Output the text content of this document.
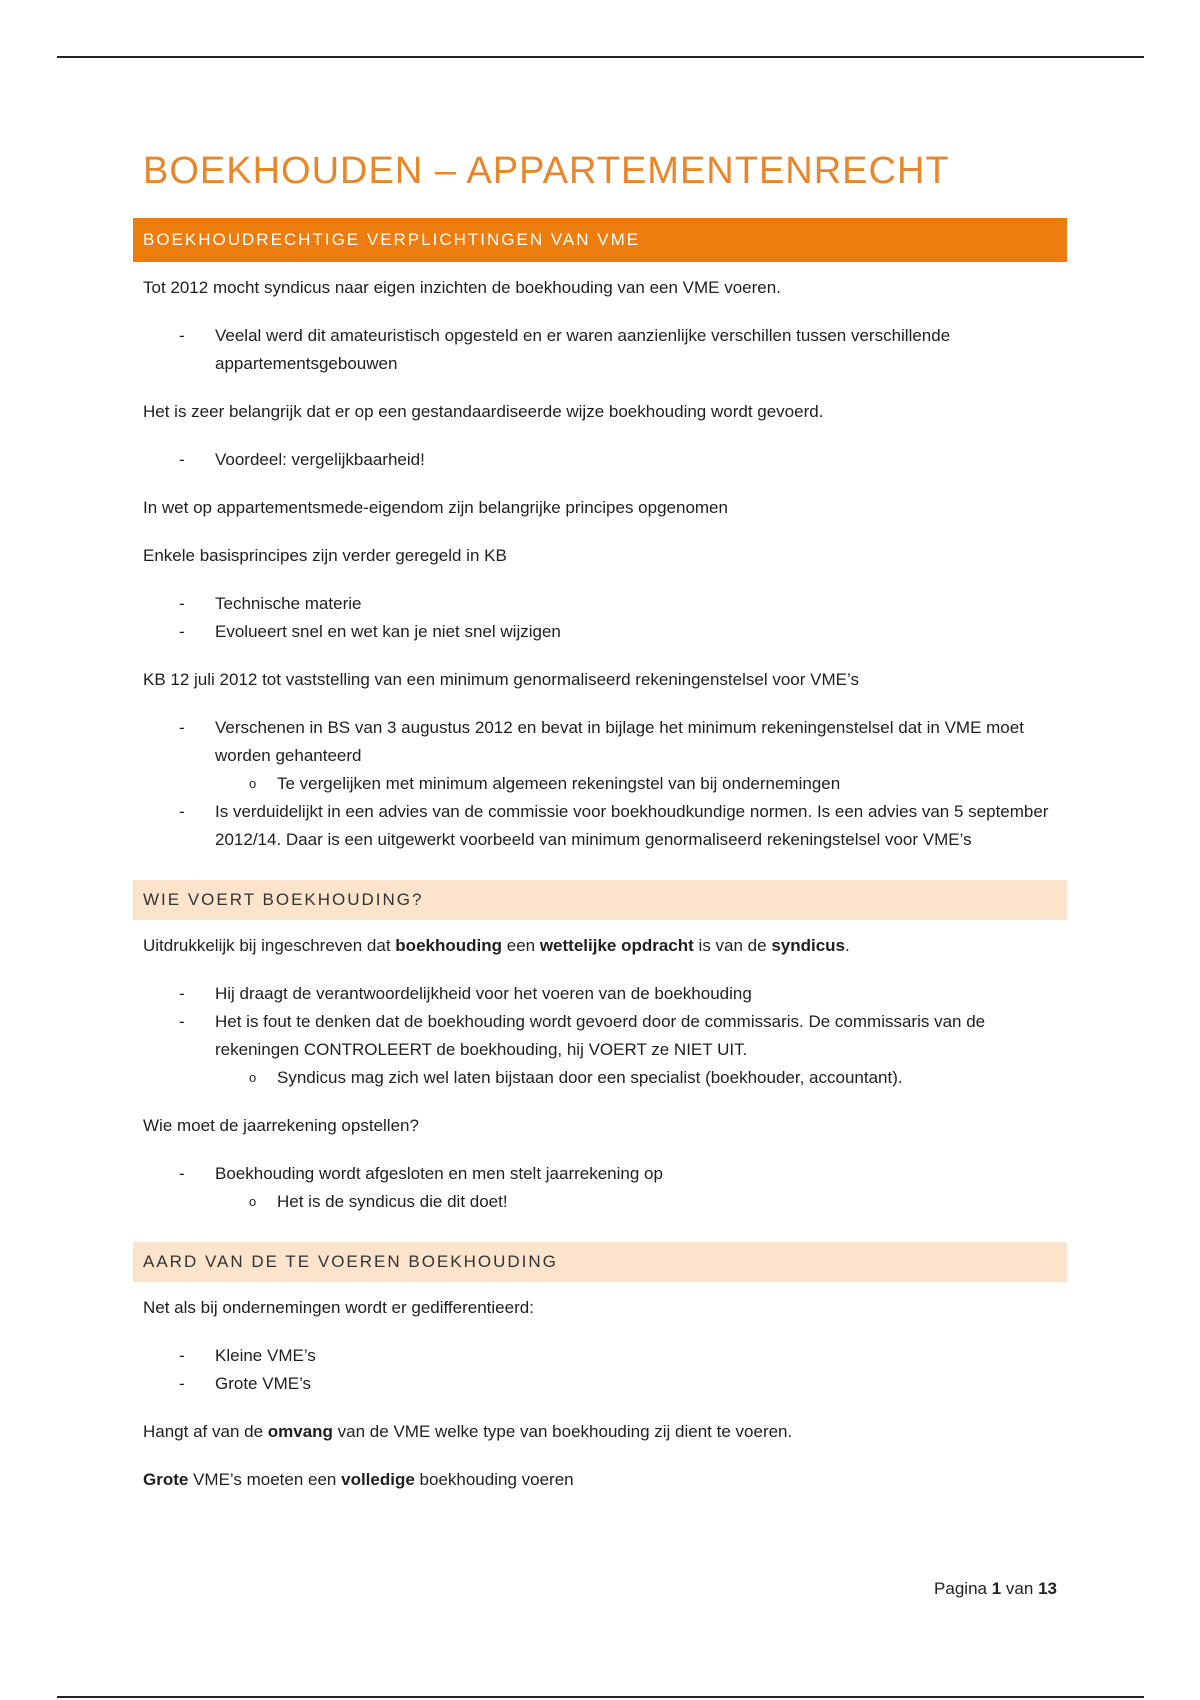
BOEKHOUDEN – APPARTEMENTENRECHT
BOEKHOUDRECHTIGE VERPLICHTINGEN VAN VME

Tot 2012 mocht syndicus naar eigen inzichten de boekhouding van een VME voeren.

- Veelal werd dit amateuristisch opgesteld en er waren aanzienlijke verschillen tussen verschillende appartementsgebouwen

Het is zeer belangrijk dat er op een gestandaardiseerde wijze boekhouding wordt gevoerd.

- Voordeel: vergelijkbaarheid!

In wet op appartementsmede-eigendom zijn belangrijke principes opgenomen

Enkele basisprincipes zijn verder geregeld in KB

- Technische materie
- Evolueert snel en wet kan je niet snel wijzigen

KB 12 juli 2012 tot vaststelling van een minimum genormaliseerd rekeningenstelsel voor VME’s

- Verschenen in BS van 3 augustus 2012 en bevat in bijlage het minimum rekeningenstelsel dat in VME moet worden gehanteerd
o Te vergelijken met minimum algemeen rekeningstel van bij ondernemingen
- Is verduidelijkt in een advies van de commissie voor boekhoudkundige normen. Is een advies van 5 september 2012/14. Daar is een uitgewerkt voorbeeld van minimum genormaliseerd rekeningstelsel voor VME’s
WIE VOERT BOEKHOUDING?

Uitdrukkelijk bij ingeschreven dat boekhouding een wettelijke opdracht is van de syndicus.

- Hij draagt de verantwoordelijkheid voor het voeren van de boekhouding
- Het is fout te denken dat de boekhouding wordt gevoerd door de commissaris. De commissaris van de rekeningen CONTROLEERT de boekhouding, hij VOERT ze NIET UIT.
o Syndicus mag zich wel laten bijstaan door een specialist (boekhouder, accountant).

Wie moet de jaarrekening opstellen?

- Boekhouding wordt afgesloten en men stelt jaarrekening op
o Het is de syndicus die dit doet!
AARD VAN DE TE VOEREN BOEKHOUDING

Net als bij ondernemingen wordt er gedifferentieerd:

- Kleine VME’s
- Grote VME’s

Hangt af van de omvang van de VME welke type van boekhouding zij dient te voeren.

Grote VME’s moeten een volledige boekhouding voeren

Pagina 1 van 13
